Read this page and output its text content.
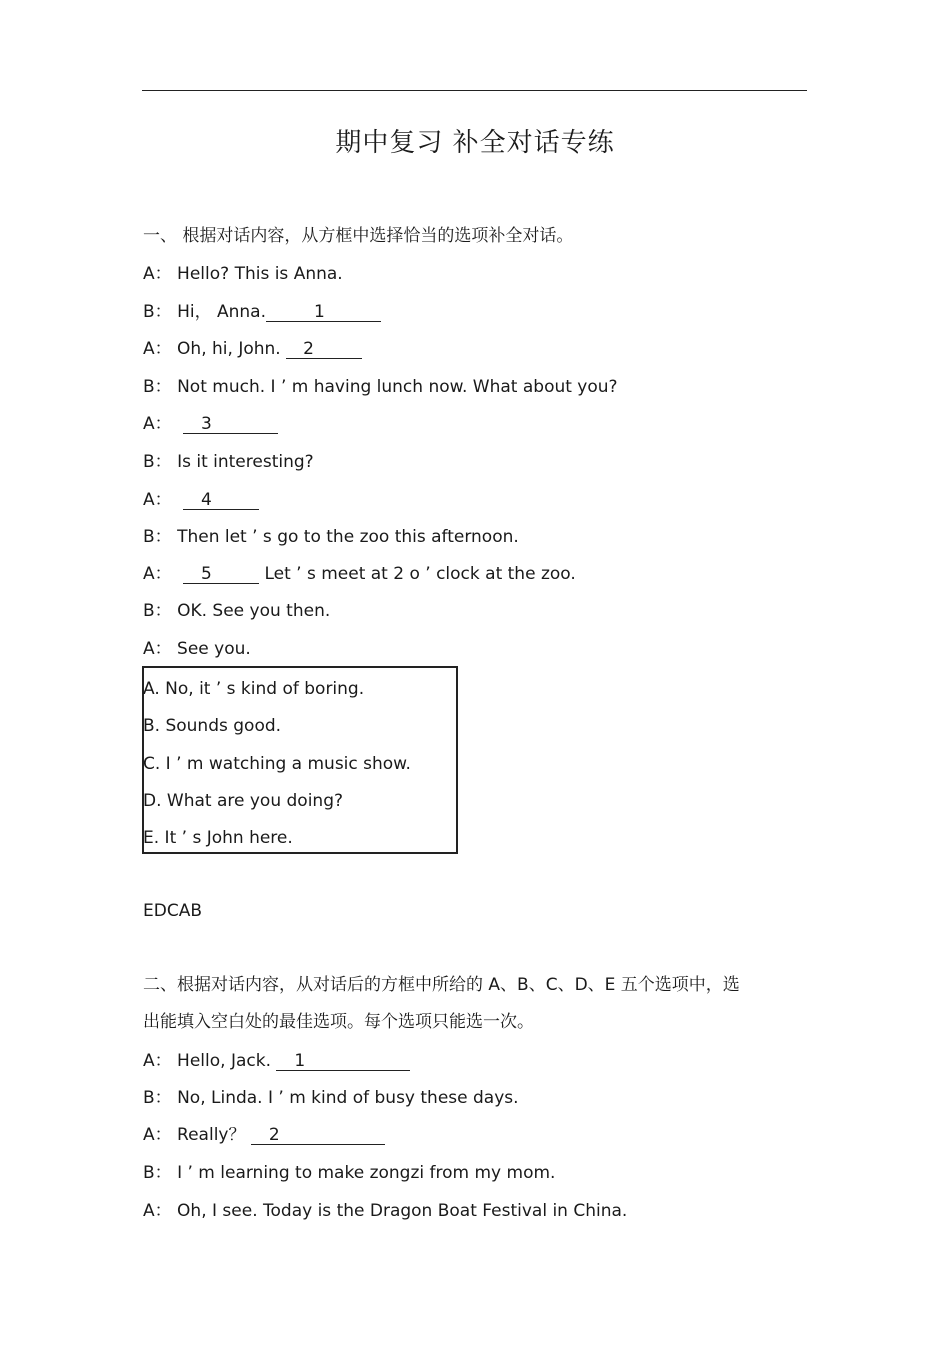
期中复习 补全对话专练
一、 根据对话内容，从方框中选择恰当的选项补全对话。
A： Hello? This is Anna.
B： Hi， Anna.	1
A： Oh, hi, John. 2
B： Not much. I ’ m having lunch now. What about you?
A： 3
B： Is it interesting?
A： 4
B： Then let ’ s go to the zoo this afternoon.
A： 5	Let ’ s meet at 2 o ’ clock at the zoo.
B： OK. See you then.
A： See you.
A. No, it ’ s kind of boring.
B. Sounds good.
C. I ’ m watching a music show.
D. What are you doing?
E. It ’ s John here.
EDCAB
二、根据对话内容，从对话后的方框中所给的 A、B、C、D、E 五个选项中，选
出能填入空白处的最佳选项。每个选项只能选一次。
A： Hello, Jack. 1
B： No, Linda. I ’ m kind of busy these days.
A： Really？ 2
B： I ’ m learning to make zongzi from my mom.
A： Oh, I see. Today is the Dragon Boat Festival in China.
